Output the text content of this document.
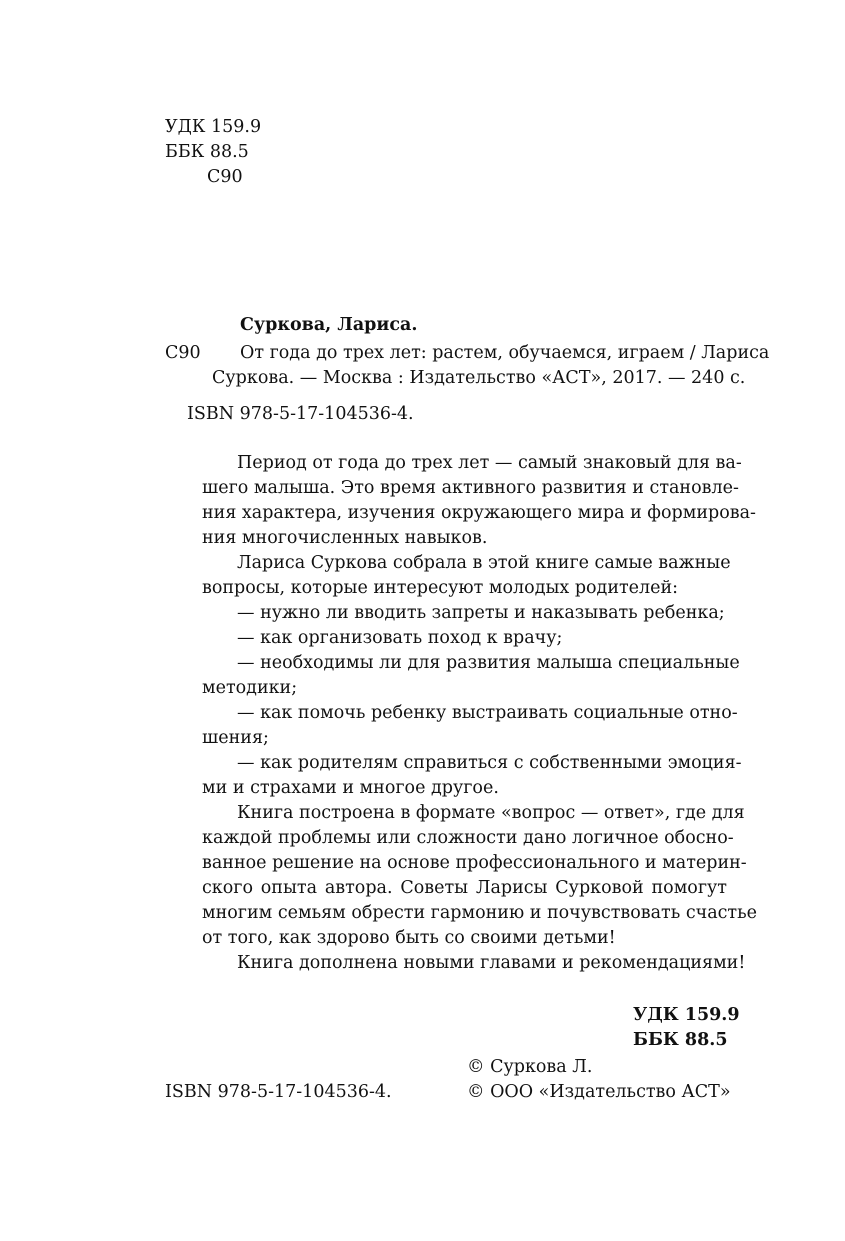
УДК 159.9
ББК 88.5
С90
Суркова, Лариса.
С90 От года до трех лет: растем, обучаемся, играем / Лариса
Суркова. — Москва : Издательство «АСТ», 2017. — 240 с.
ISBN 978-5-17-104536-4.
Период от года до трех лет — самый знаковый для ва-
шего малыша. Это время активного развития и становле-
ния характера, изучения окружающего мира и формирова-
ния многочисленных навыков.
Лариса Суркова собрала в этой книге самые важные
вопросы, которые интересуют молодых родителей:
— нужно ли вводить запреты и наказывать ребенка;
— как организовать поход к врачу;
— необходимы ли для развития малыша специальные
методики;
— как помочь ребенку выстраивать социальные отно-
шения;
— как родителям справиться с собственными эмоция-
ми и страхами и многое другое.
Книга построена в формате «вопрос — ответ», где для
каждой проблемы или сложности дано логичное обосно-
ванное решение на основе профессионального и материн-
ского опыта автора. Советы Ларисы Сурковой помогут
многим семьям обрести гармонию и почувствовать счастье
от того, как здорово быть со своими детьми!
Книга дополнена новыми главами и рекомендациями!
УДК 159.9
ББК 88.5
© Суркова Л.
ISBN 978-5-17-104536-4.	© ООО «Издательство АСТ»
